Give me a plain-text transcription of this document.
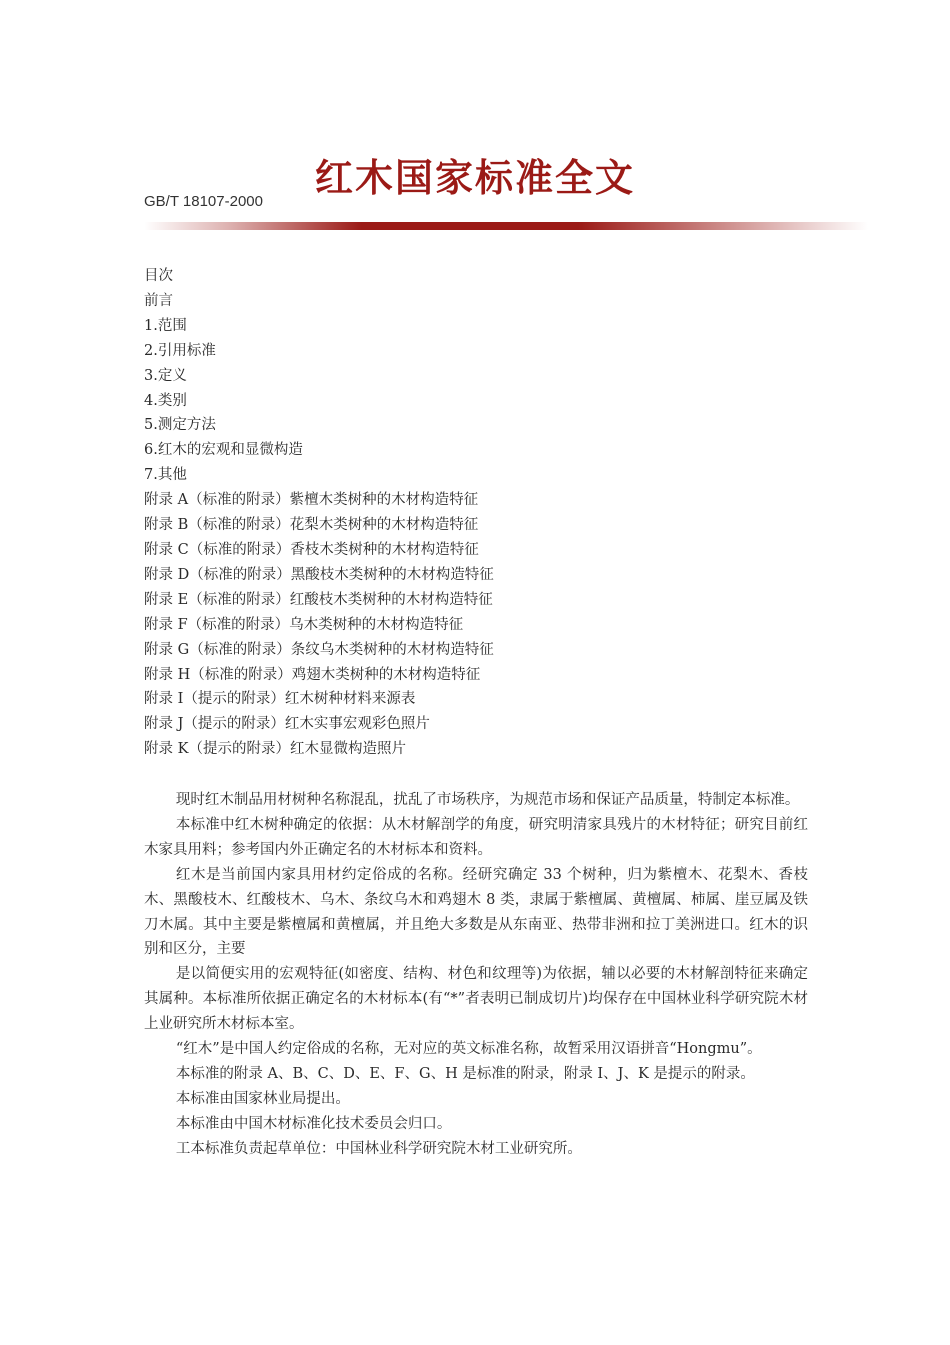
红木国家标准全文
GB/T 18107-2000
目次
前言
1.范围
2.引用标准
3.定义
4.类别
5.测定方法
6.红木的宏观和显微构造
7.其他
附录 A（标准的附录）紫檀木类树种的木材构造特征
附录 B（标准的附录）花梨木类树种的木材构造特征
附录 C（标准的附录）香枝木类树种的木材构造特征
附录 D（标准的附录）黑酸枝木类树种的木材构造特征
附录 E（标准的附录）红酸枝木类树种的木材构造特征
附录 F（标准的附录）乌木类树种的木材构造特征
附录 G（标准的附录）条纹乌木类树种的木材构造特征
附录 H（标准的附录）鸡翅木类树种的木材构造特征
附录 I（提示的附录）红木树种材料来源表
附录 J（提示的附录）红木实事宏观彩色照片
附录 K（提示的附录）红木显微构造照片

现时红木制品用材树种名称混乱，扰乱了市场秩序，为规范市场和保证产品质量，特制定本标准。

本标准中红木树种确定的依据：从木材解剖学的角度，研究明清家具残片的木材特征；研究目前红木家具用料；参考国内外正确定名的木材标本和资料。

红木是当前国内家具用材约定俗成的名称。经研究确定 33 个树种，归为紫檀木、花梨木、香枝木、黑酸枝木、红酸枝木、乌木、条纹乌木和鸡翅木 8 类，隶属于紫檀属、黄檀属、柿属、崖豆属及铁刀木属。其中主要是紫檀属和黄檀属，并且绝大多数是从东南亚、热带非洲和拉丁美洲进口。红木的识别和区分，主要

是以简便实用的宏观特征(如密度、结构、材色和纹理等)为依据，辅以必要的木材解剖特征来确定其属种。本标准所依据正确定名的木材标本(有“*”者表明已制成切片)均保存在中国林业科学研究院木材上业研究所木材标本室。

“红木”是中国人约定俗成的名称，无对应的英文标准名称，故暂采用汉语拼音“Hongmu”。

本标准的附录 A、B、C、D、E、F、G、H 是标准的附录，附录 I、J、K 是提示的附录。

本标准由国家林业局提出。

本标准由中国木材标准化技术委员会归口。

工本标准负责起草单位：中国林业科学研究院木材工业研究所。
